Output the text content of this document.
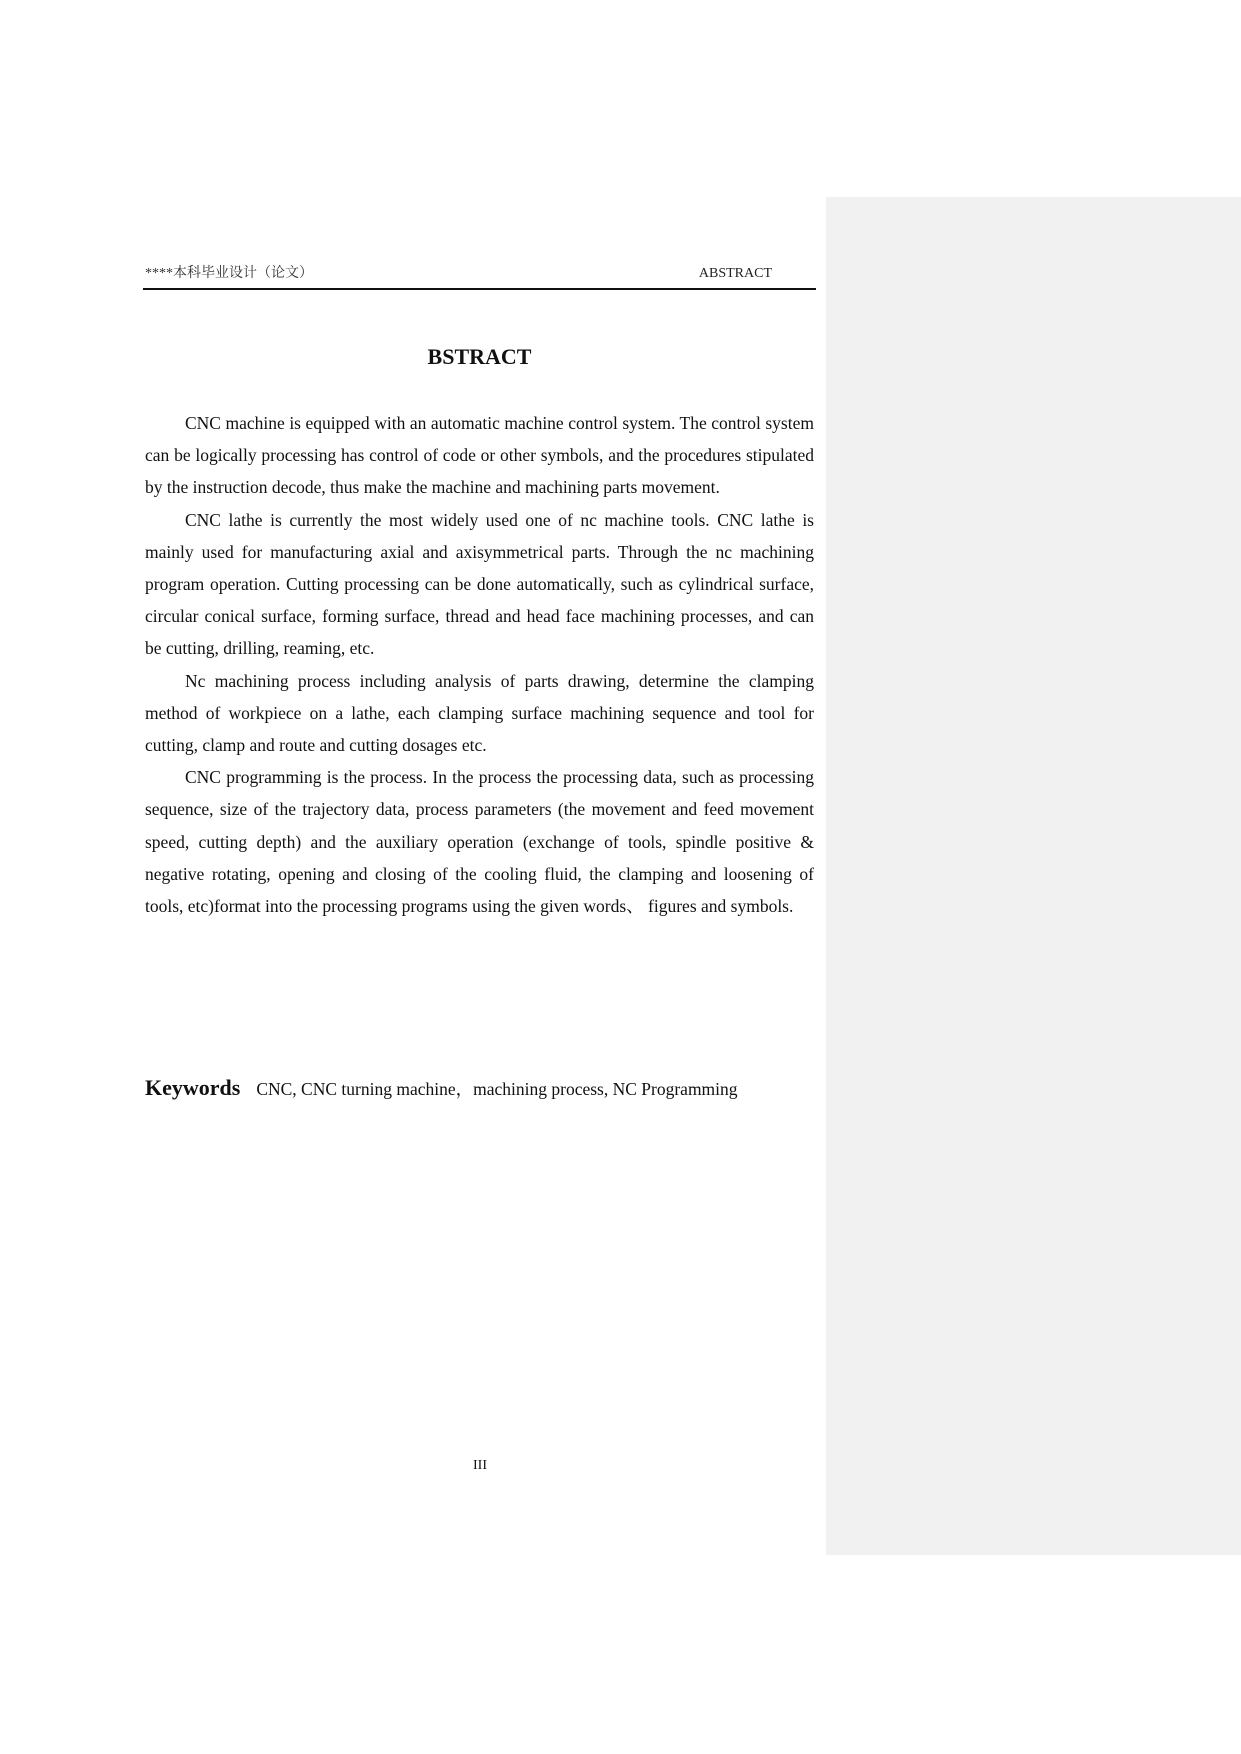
****本科毕业设计（论文）	ABSTRACT
BSTRACT

CNC machine is equipped with an automatic machine control system. The control system can be logically processing has control of code or other symbols, and the procedures stipulated by the instruction decode, thus make the machine and machining parts movement.

CNC lathe is currently the most widely used one of nc machine tools. CNC lathe is mainly used for manufacturing axial and axisymmetrical parts. Through the nc machining program operation. Cutting processing can be done automatically, such as cylindrical surface, circular conical surface, forming surface, thread and head face machining processes, and can be cutting, drilling, reaming, etc.

Nc machining process including analysis of parts drawing, determine the clamping method of workpiece on a lathe, each clamping surface machining sequence and tool for cutting, clamp and route and cutting dosages etc.

CNC programming is the process. In the process the processing data, such as processing sequence, size of the trajectory data, process parameters (the movement and feed movement speed, cutting depth) and the auxiliary operation (exchange of tools, spindle positive & negative rotating, opening and closing of the cooling fluid, the clamping and loosening of tools, etc)format into the processing programs using the given words、 figures and symbols.

Keywords CNC, CNC turning machine，machining process, NC Programming
III
